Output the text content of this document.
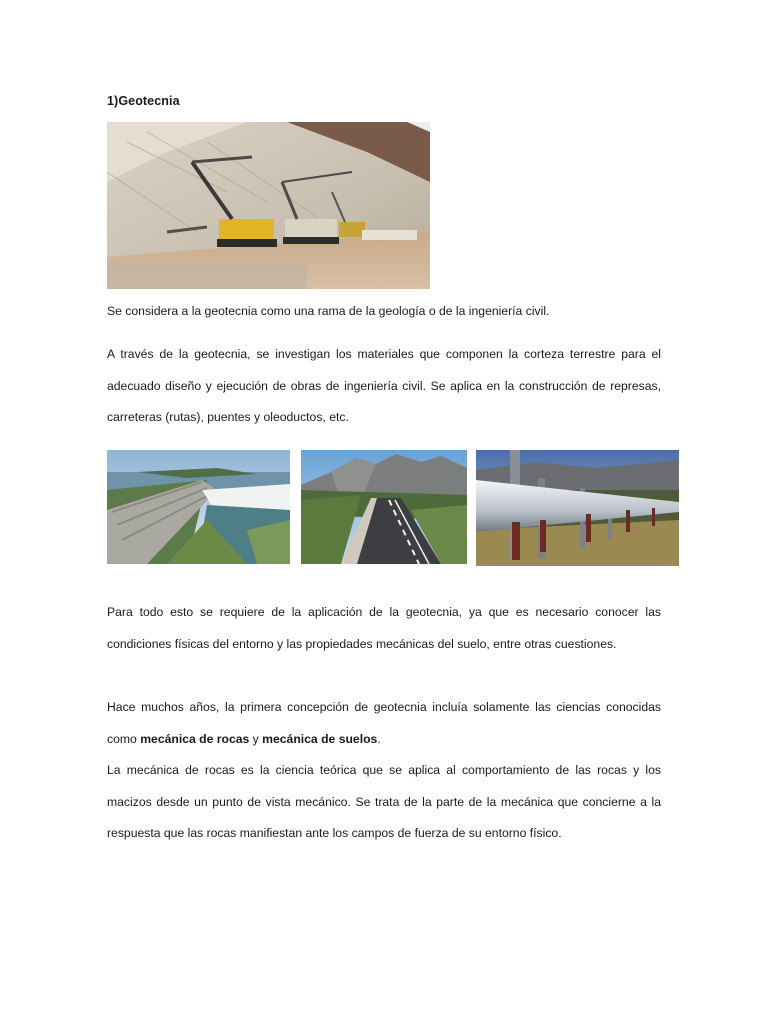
1)Geotecnia
Se considera a la geotecnia como una rama de la geología o de la ingeniería civil.
A través de la geotecnia, se investigan los materiales que componen la corteza terrestre para el adecuado diseño y ejecución de obras de ingeniería civil. Se aplica en la construcción de represas, carreteras (rutas), puentes y oleoductos, etc.
Para todo esto se requiere de la aplicación de la geotecnia, ya que es necesario conocer las condiciones físicas del entorno y las propiedades mecánicas del suelo, entre otras cuestiones.
Hace muchos años, la primera concepción de geotecnia incluía solamente las ciencias conocidas como mecánica de rocas y mecánica de suelos.
La mecánica de rocas es la ciencia teórica que se aplica al comportamiento de las rocas y los macizos desde un punto de vista mecánico. Se trata de la parte de la mecánica que concierne a la respuesta que las rocas manifiestan ante los campos de fuerza de su entorno físico.
